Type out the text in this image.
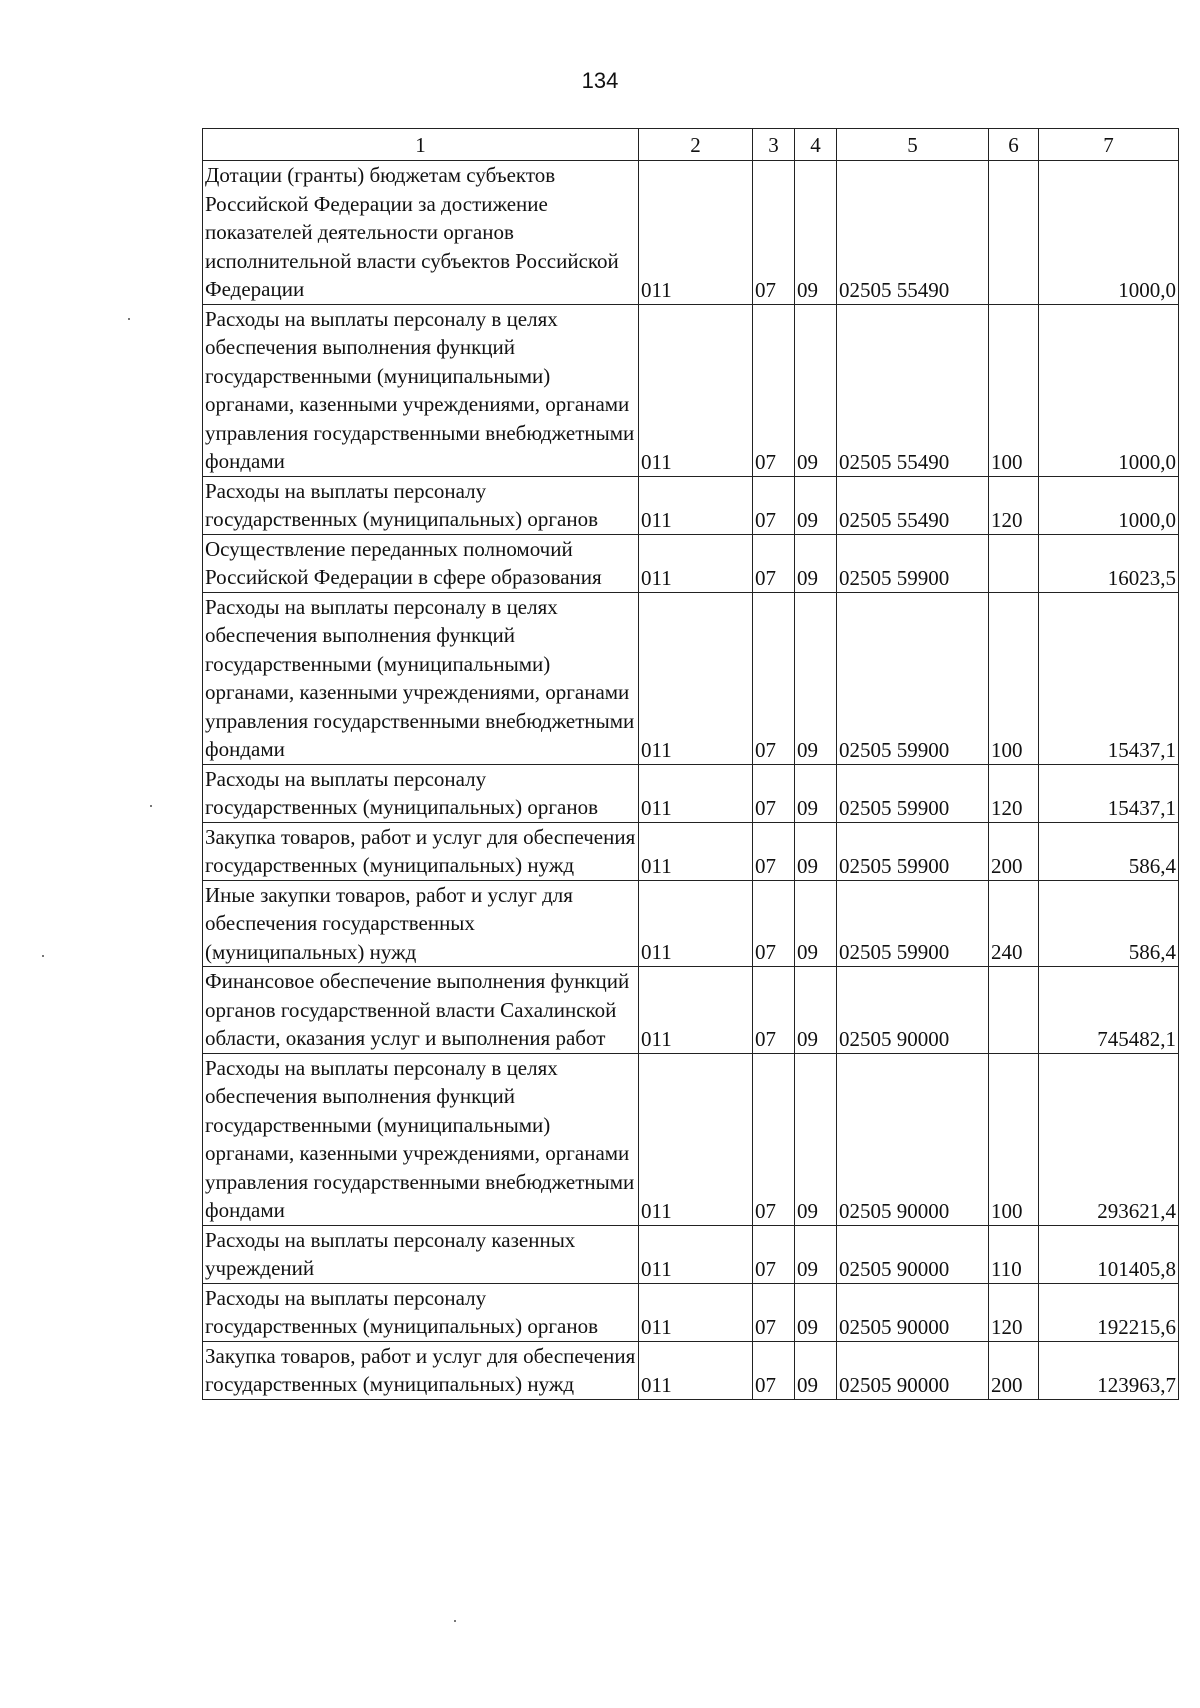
134
1	2	3	4	5	6	7
Дотации (гранты) бюджетам субъектов Российской Федерации за достижение показателей деятельности органов исполнительной власти субъектов Российской Федерации	011	07	09	02505 55490		1000,0
Расходы на выплаты персоналу в целях обеспечения выполнения функций государственными (муниципальными) органами, казенными учреждениями, органами управления государственными внебюджетными фондами	011	07	09	02505 55490	100	1000,0
Расходы на выплаты персоналу государственных (муниципальных) органов	011	07	09	02505 55490	120	1000,0
Осуществление переданных полномочий Российской Федерации в сфере образования	011	07	09	02505 59900		16023,5
Расходы на выплаты персоналу в целях обеспечения выполнения функций государственными (муниципальными) органами, казенными учреждениями, органами управления государственными внебюджетными фондами	011	07	09	02505 59900	100	15437,1
Расходы на выплаты персоналу государственных (муниципальных) органов	011	07	09	02505 59900	120	15437,1
Закупка товаров, работ и услуг для обеспечения государственных (муниципальных) нужд	011	07	09	02505 59900	200	586,4
Иные закупки товаров, работ и услуг для обеспечения государственных (муниципальных) нужд	011	07	09	02505 59900	240	586,4
Финансовое обеспечение выполнения функций органов государственной власти Сахалинской области, оказания услуг и выполнения работ	011	07	09	02505 90000		745482,1
Расходы на выплаты персоналу в целях обеспечения выполнения функций государственными (муниципальными) органами, казенными учреждениями, органами управления государственными внебюджетными фондами	011	07	09	02505 90000	100	293621,4
Расходы на выплаты персоналу казенных учреждений	011	07	09	02505 90000	110	101405,8
Расходы на выплаты персоналу государственных (муниципальных) органов	011	07	09	02505 90000	120	192215,6
Закупка товаров, работ и услуг для обеспечения государственных (муниципальных) нужд	011	07	09	02505 90000	200	123963,7
